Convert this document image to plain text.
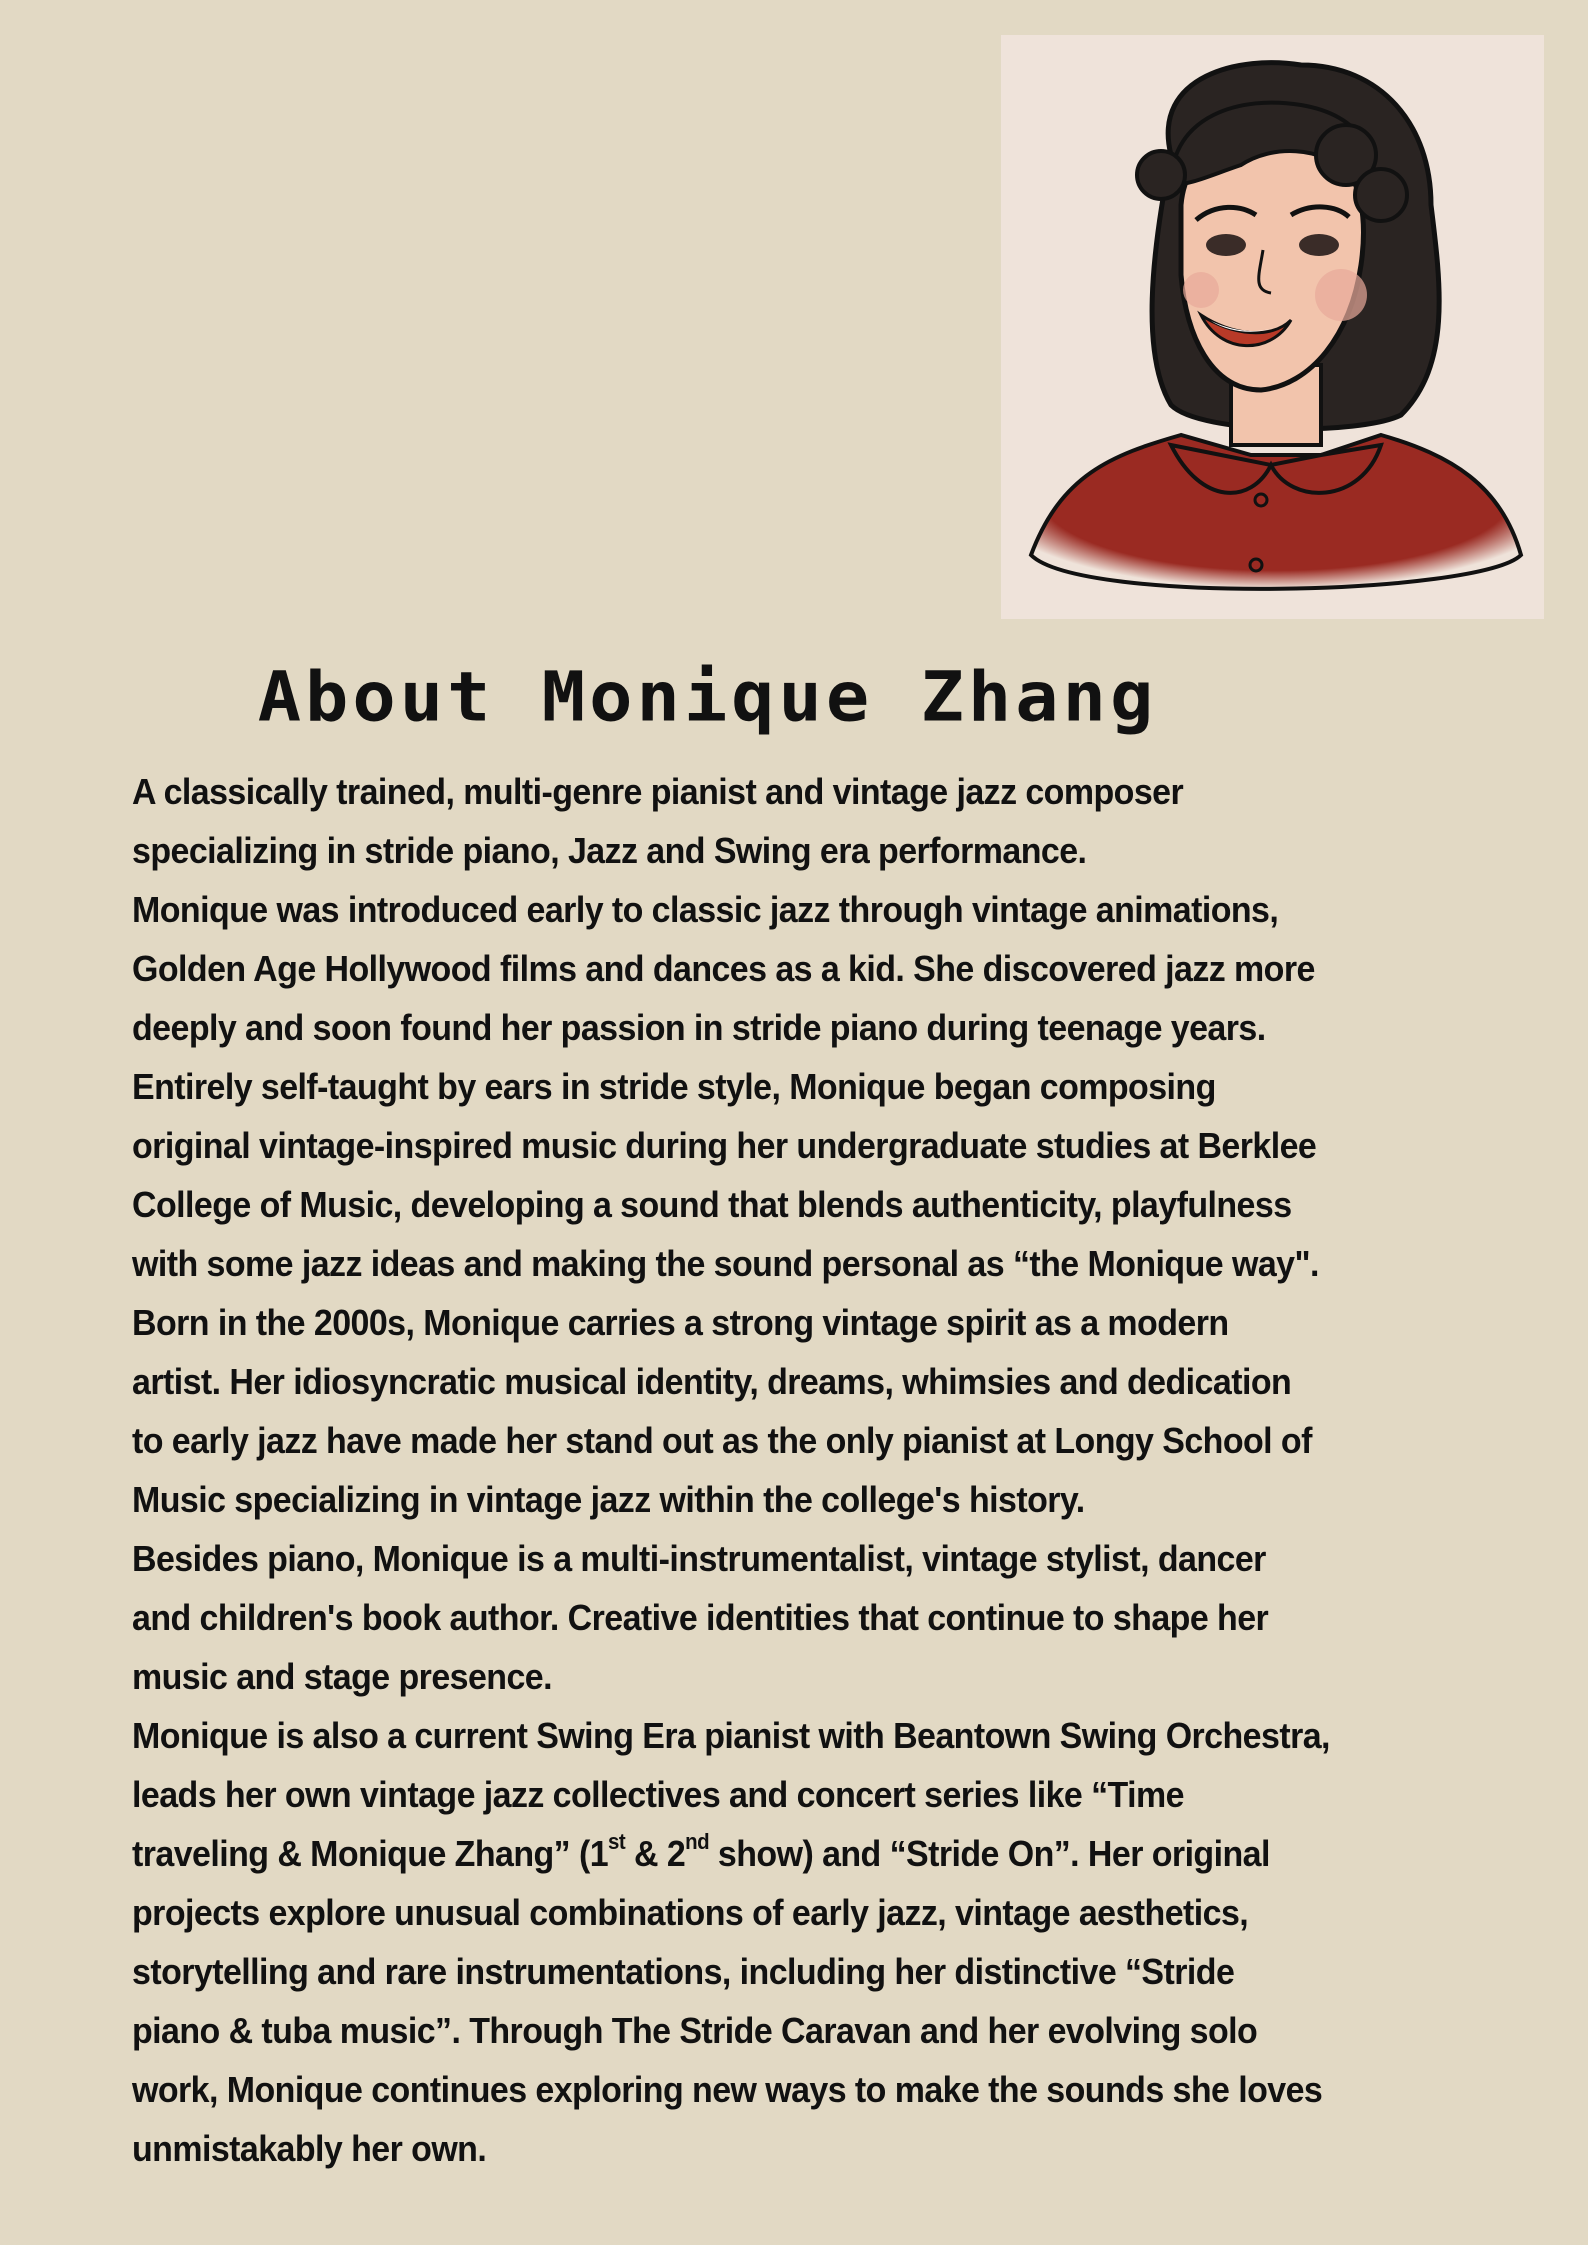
About Monique Zhang
A classically trained, multi-genre pianist and vintage jazz composer
specializing in stride piano, Jazz and Swing era performance.
Monique was introduced early to classic jazz through vintage animations,
Golden Age Hollywood films and dances as a kid. She discovered jazz more
deeply and soon found her passion in stride piano during teenage years.
Entirely self-taught by ears in stride style, Monique began composing
original vintage-inspired music during her undergraduate studies at Berklee
College of Music, developing a sound that blends authenticity, playfulness
with some jazz ideas and making the sound personal as “the Monique way".
Born in the 2000s, Monique carries a strong vintage spirit as a modern
artist. Her idiosyncratic musical identity, dreams, whimsies and dedication
to early jazz have made her stand out as the only pianist at Longy School of
Music specializing in vintage jazz within the college's history.
Besides piano, Monique is a multi-instrumentalist, vintage stylist, dancer
and children's book author. Creative identities that continue to shape her
music and stage presence.
Monique is also a current Swing Era pianist with Beantown Swing Orchestra,
leads her own vintage jazz collectives and concert series like “Time
traveling & Monique Zhang” (1st & 2nd show) and “Stride On”. Her original
projects explore unusual combinations of early jazz, vintage aesthetics,
storytelling and rare instrumentations, including her distinctive “Stride
piano & tuba music”. Through The Stride Caravan and her evolving solo
work, Monique continues exploring new ways to make the sounds she loves
unmistakably her own.
